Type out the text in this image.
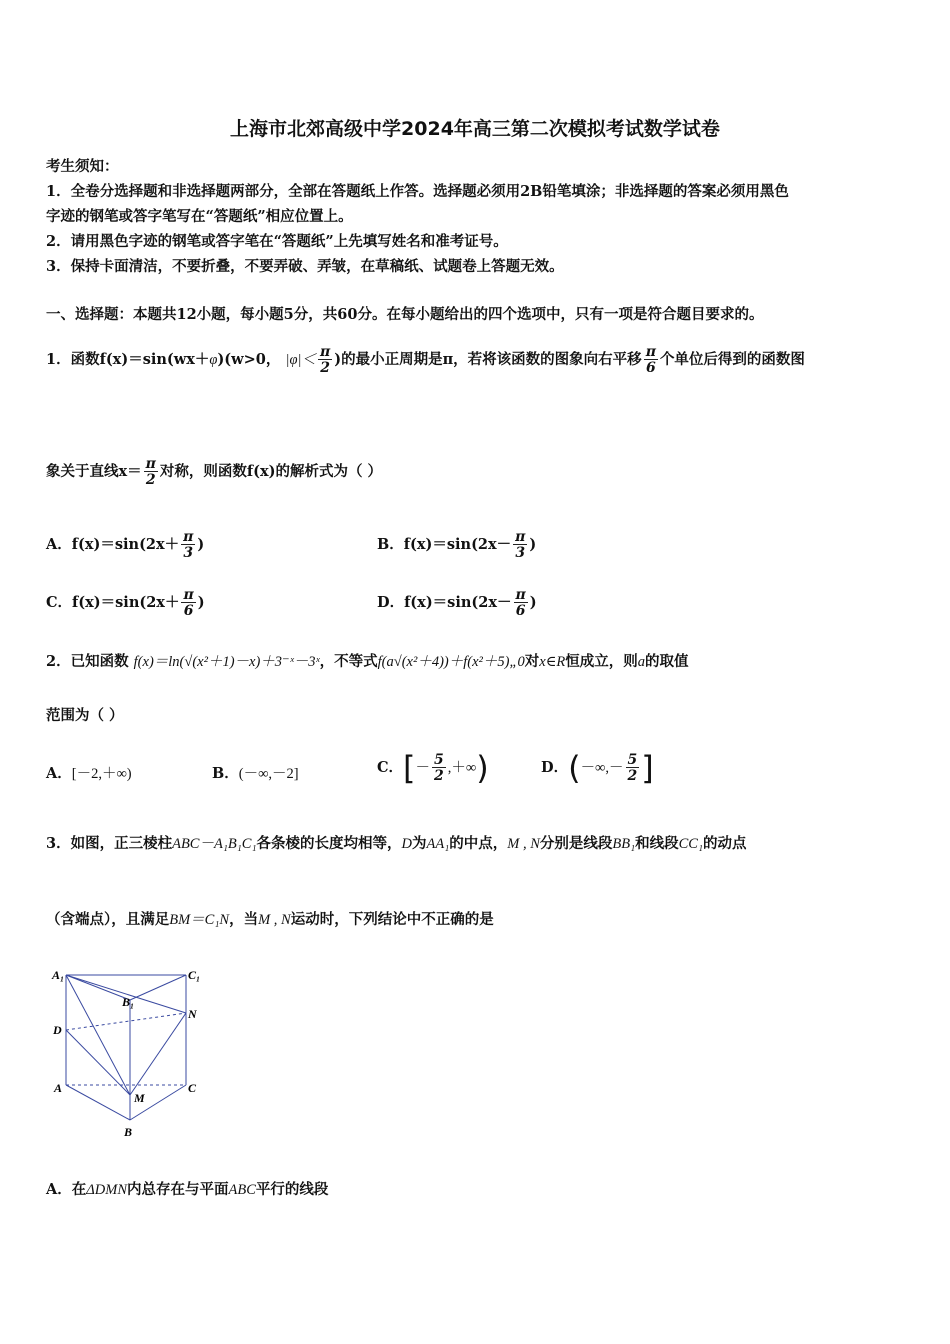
上海市北郊高级中学2024年高三第二次模拟考试数学试卷
考生须知：
1．全卷分选择题和非选择题两部分，全部在答题纸上作答。选择题必须用2B铅笔填涂；非选择题的答案必须用黑色
字迹的钢笔或答字笔写在“答题纸”相应位置上。
2．请用黑色字迹的钢笔或答字笔在“答题纸”上先填写姓名和准考证号。
3．保持卡面清洁，不要折叠，不要弄破、弄皱，在草稿纸、试题卷上答题无效。
一、选择题：本题共12小题，每小题5分，共60分。在每小题给出的四个选项中，只有一项是符合题目要求的。
1．函数f(x)＝sin(wx＋φ)(w>0， $|\varphi|< \frac{\pi}{2}$ )的最小正周期是π，若将该函数的图象向右平移 $\frac{\pi}{6}$ 个单位后得到的函数图
象关于直线$x= \frac{\pi}{2}$ 对称，则函数f(x)的解析式为（ ）
A．$f(x)=\sin(2x+ \frac{\pi}{3}$ )	B．$f(x)=\sin(2x- \frac{\pi}{3}$ )
C．$f(x)=\sin(2x+ \frac{\pi}{6}$ )	D．$f(x)=\sin(2x- \frac{\pi}{6}$ )
2．已知函数 f(x)＝ln(√(x²＋1)－x)＋3⁻ˣ－3ˣ，不等式f(a√(x²＋4))＋f(x²＋5)„0对x∈R恒成立，则a的取值
范围为（ ）
A．[－2,＋∞)	B．(－∞,－2]	C．[－ $\frac{5}{2}$ ,＋∞)	D．(－∞,－ $\frac{5}{2}$ ]
3．如图，正三棱柱ABC－A₁B₁C₁各条棱的长度均相等，D为AA₁的中点，M , N分别是线段BB₁和线段CC₁的动点
（含端点），且满足BM＝C₁N，当M , N运动时，下列结论中不正确的是
A₁	C₁
B₁
D
N
A	C
M
B
A．在ΔDMN内总存在与平面ABC平行的线段
